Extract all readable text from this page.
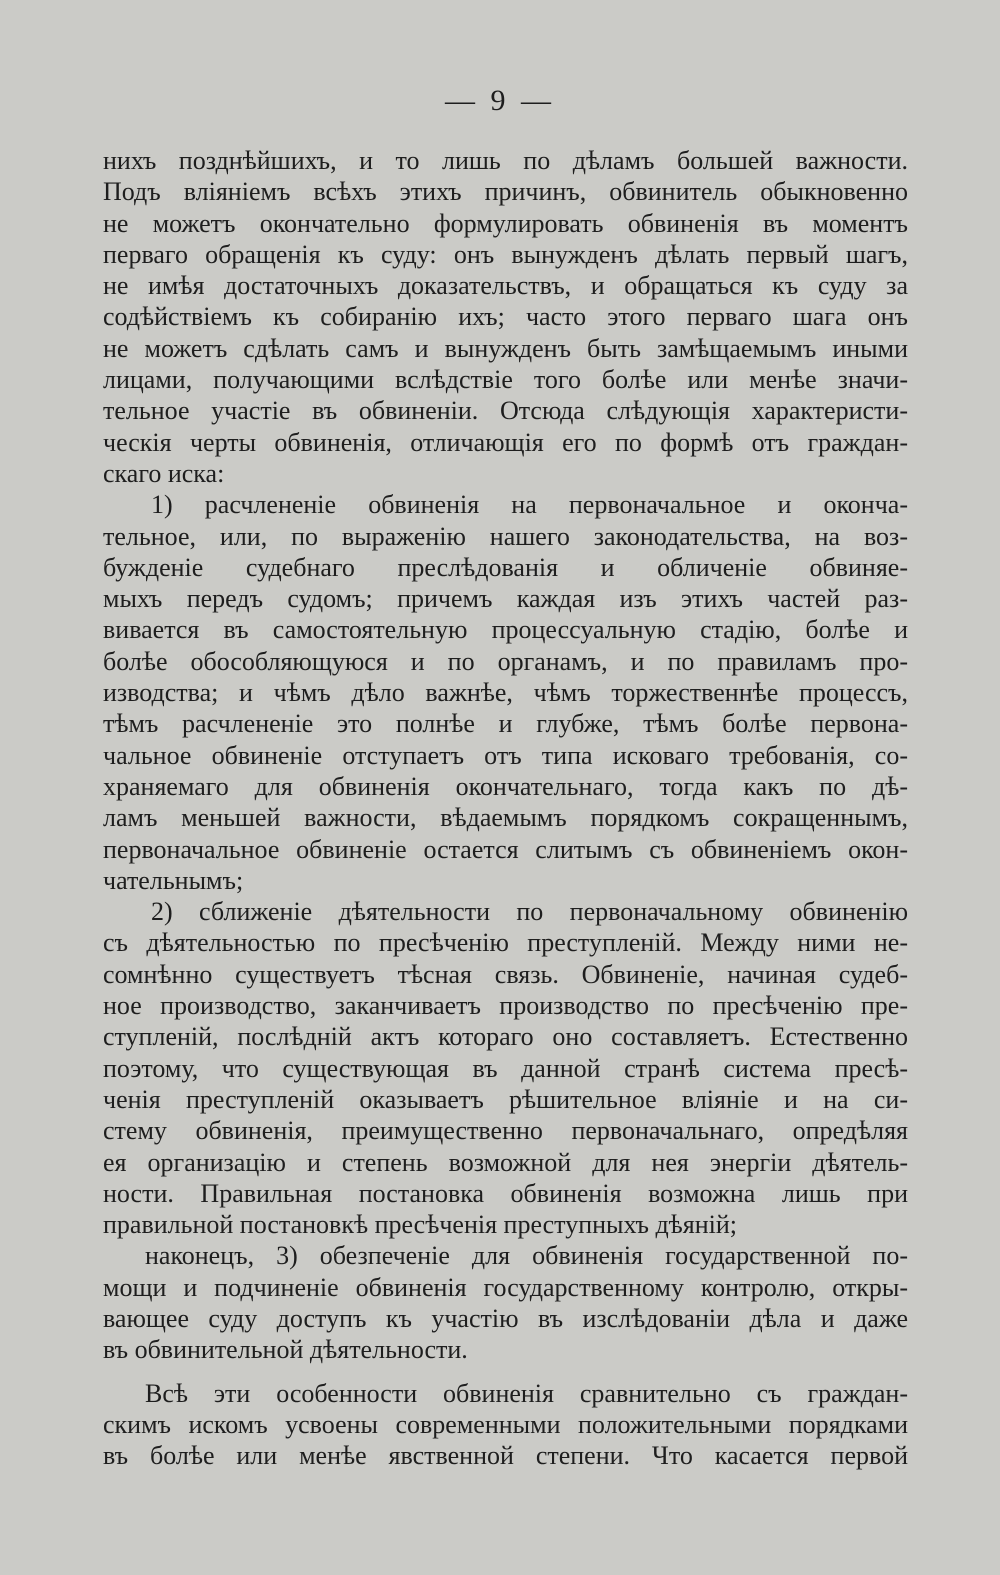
— 9 —
нихъ позднѣйшихъ, и то лишь по дѣламъ большей важности.
Подъ вліяніемъ всѣхъ этихъ причинъ, обвинитель обыкновенно
не можетъ окончательно формулировать обвиненія въ моментъ
перваго обращенія къ суду: онъ вынужденъ дѣлать первый шагъ,
не имѣя достаточныхъ доказательствъ, и обращаться къ суду за
содѣйствіемъ къ собиранію ихъ; часто этого перваго шага онъ
не можетъ сдѣлать самъ и вынужденъ быть замѣщаемымъ иными
лицами, получающими вслѣдствіе того болѣе или менѣе значи-
тельное участіе въ обвиненіи. Отсюда слѣдующія характеристи-
ческія черты обвиненія, отличающія его по формѣ отъ граждан-
скаго иска:
1) расчлененіе обвиненія на первоначальное и оконча-
тельное, или, по выраженію нашего законодательства, на воз-
бужденіе судебнаго преслѣдованія и обличеніе обвиняе-
мыхъ передъ судомъ; причемъ каждая изъ этихъ частей раз-
вивается въ самостоятельную процессуальную стадію, болѣе и
болѣе обособляющуюся и по органамъ, и по правиламъ про-
изводства; и чѣмъ дѣло важнѣе, чѣмъ торжественнѣе процессъ,
тѣмъ расчлененіе это полнѣе и глубже, тѣмъ болѣе первона-
чальное обвиненіе отступаетъ отъ типа исковаго требованія, со-
храняемаго для обвиненія окончательнаго, тогда какъ по дѣ-
ламъ меньшей важности, вѣдаемымъ порядкомъ сокращеннымъ,
первоначальное обвиненіе остается слитымъ съ обвиненіемъ окон-
чательнымъ;
2) сближеніе дѣятельности по первоначальному обвиненію
съ дѣятельностью по пресѣченію преступленій. Между ними не-
сомнѣнно существуетъ тѣсная связь. Обвиненіе, начиная судеб-
ное производство, заканчиваетъ производство по пресѣченію пре-
ступленій, послѣдній актъ котораго оно составляетъ. Естественно
поэтому, что существующая въ данной странѣ система пресѣ-
ченія преступленій оказываетъ рѣшительное вліяніе и на си-
стему обвиненія, преимущественно первоначальнаго, опредѣляя
ея организацію и степень возможной для нея энергіи дѣятель-
ности. Правильная постановка обвиненія возможна лишь при
правильной постановкѣ пресѣченія преступныхъ дѣяній;
наконецъ, 3) обезпеченіе для обвиненія государственной по-
мощи и подчиненіе обвиненія государственному контролю, откры-
вающее суду доступъ къ участію въ изслѣдованіи дѣла и даже
въ обвинительной дѣятельности.
Всѣ эти особенности обвиненія сравнительно съ граждан-
скимъ искомъ усвоены современными положительными порядками
въ болѣе или менѣе явственной степени. Что касается первой
